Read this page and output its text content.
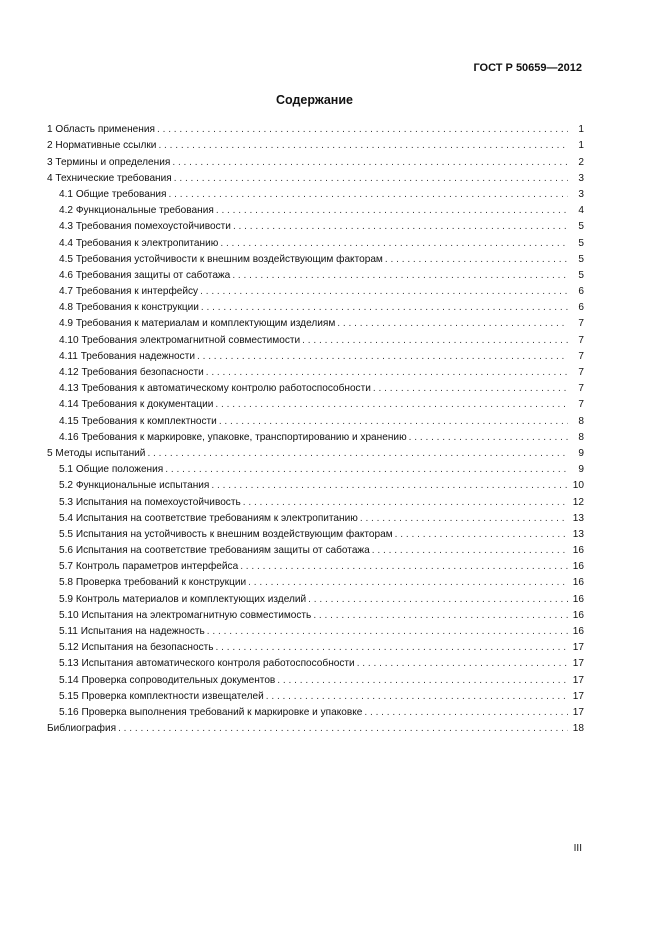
ГОСТ Р 50659—2012
Содержание
1 Область применения . . .	1
2 Нормативные ссылки . . .	1
3 Термины и определения . . .	2
4 Технические требования . . .	3
4.1 Общие требования . . .	3
4.2 Функциональные требования . . .	4
4.3 Требования помехоустойчивости . . .	5
4.4 Требования к электропитанию . . .	5
4.5 Требования устойчивости к внешним воздействующим факторам . . .	5
4.6 Требования защиты от саботажа . . .	5
4.7 Требования к интерфейсу . . .	6
4.8 Требования к конструкции . . .	6
4.9 Требования к материалам и комплектующим изделиям . . .	7
4.10 Требования электромагнитной совместимости . . .	7
4.11 Требования надежности . . .	7
4.12 Требования безопасности . . .	7
4.13 Требования к автоматическому контролю работоспособности . . .	7
4.14 Требования к документации . . .	7
4.15 Требования к комплектности . . .	8
4.16 Требования к маркировке, упаковке, транспортированию и хранению . . .	8
5 Методы испытаний . . .	9
5.1 Общие положения . . .	9
5.2 Функциональные испытания . . .	10
5.3 Испытания на помехоустойчивость . . .	12
5.4 Испытания на соответствие требованиям к электропитанию . . .	13
5.5 Испытания на устойчивость к внешним воздействующим факторам . . .	13
5.6 Испытания на соответствие требованиям защиты от саботажа . . .	16
5.7 Контроль параметров интерфейса . . .	16
5.8 Проверка требований к конструкции . . .	16
5.9 Контроль материалов и комплектующих изделий . . .	16
5.10 Испытания на электромагнитную совместимость . . .	16
5.11 Испытания на надежность . . .	16
5.12 Испытания на безопасность . . .	17
5.13 Испытания автоматического контроля работоспособности . . .	17
5.14 Проверка сопроводительных документов . . .	17
5.15 Проверка комплектности извещателей . . .	17
5.16 Проверка выполнения требований к маркировке и упаковке . . .	17
Библиография . . .	18
III
